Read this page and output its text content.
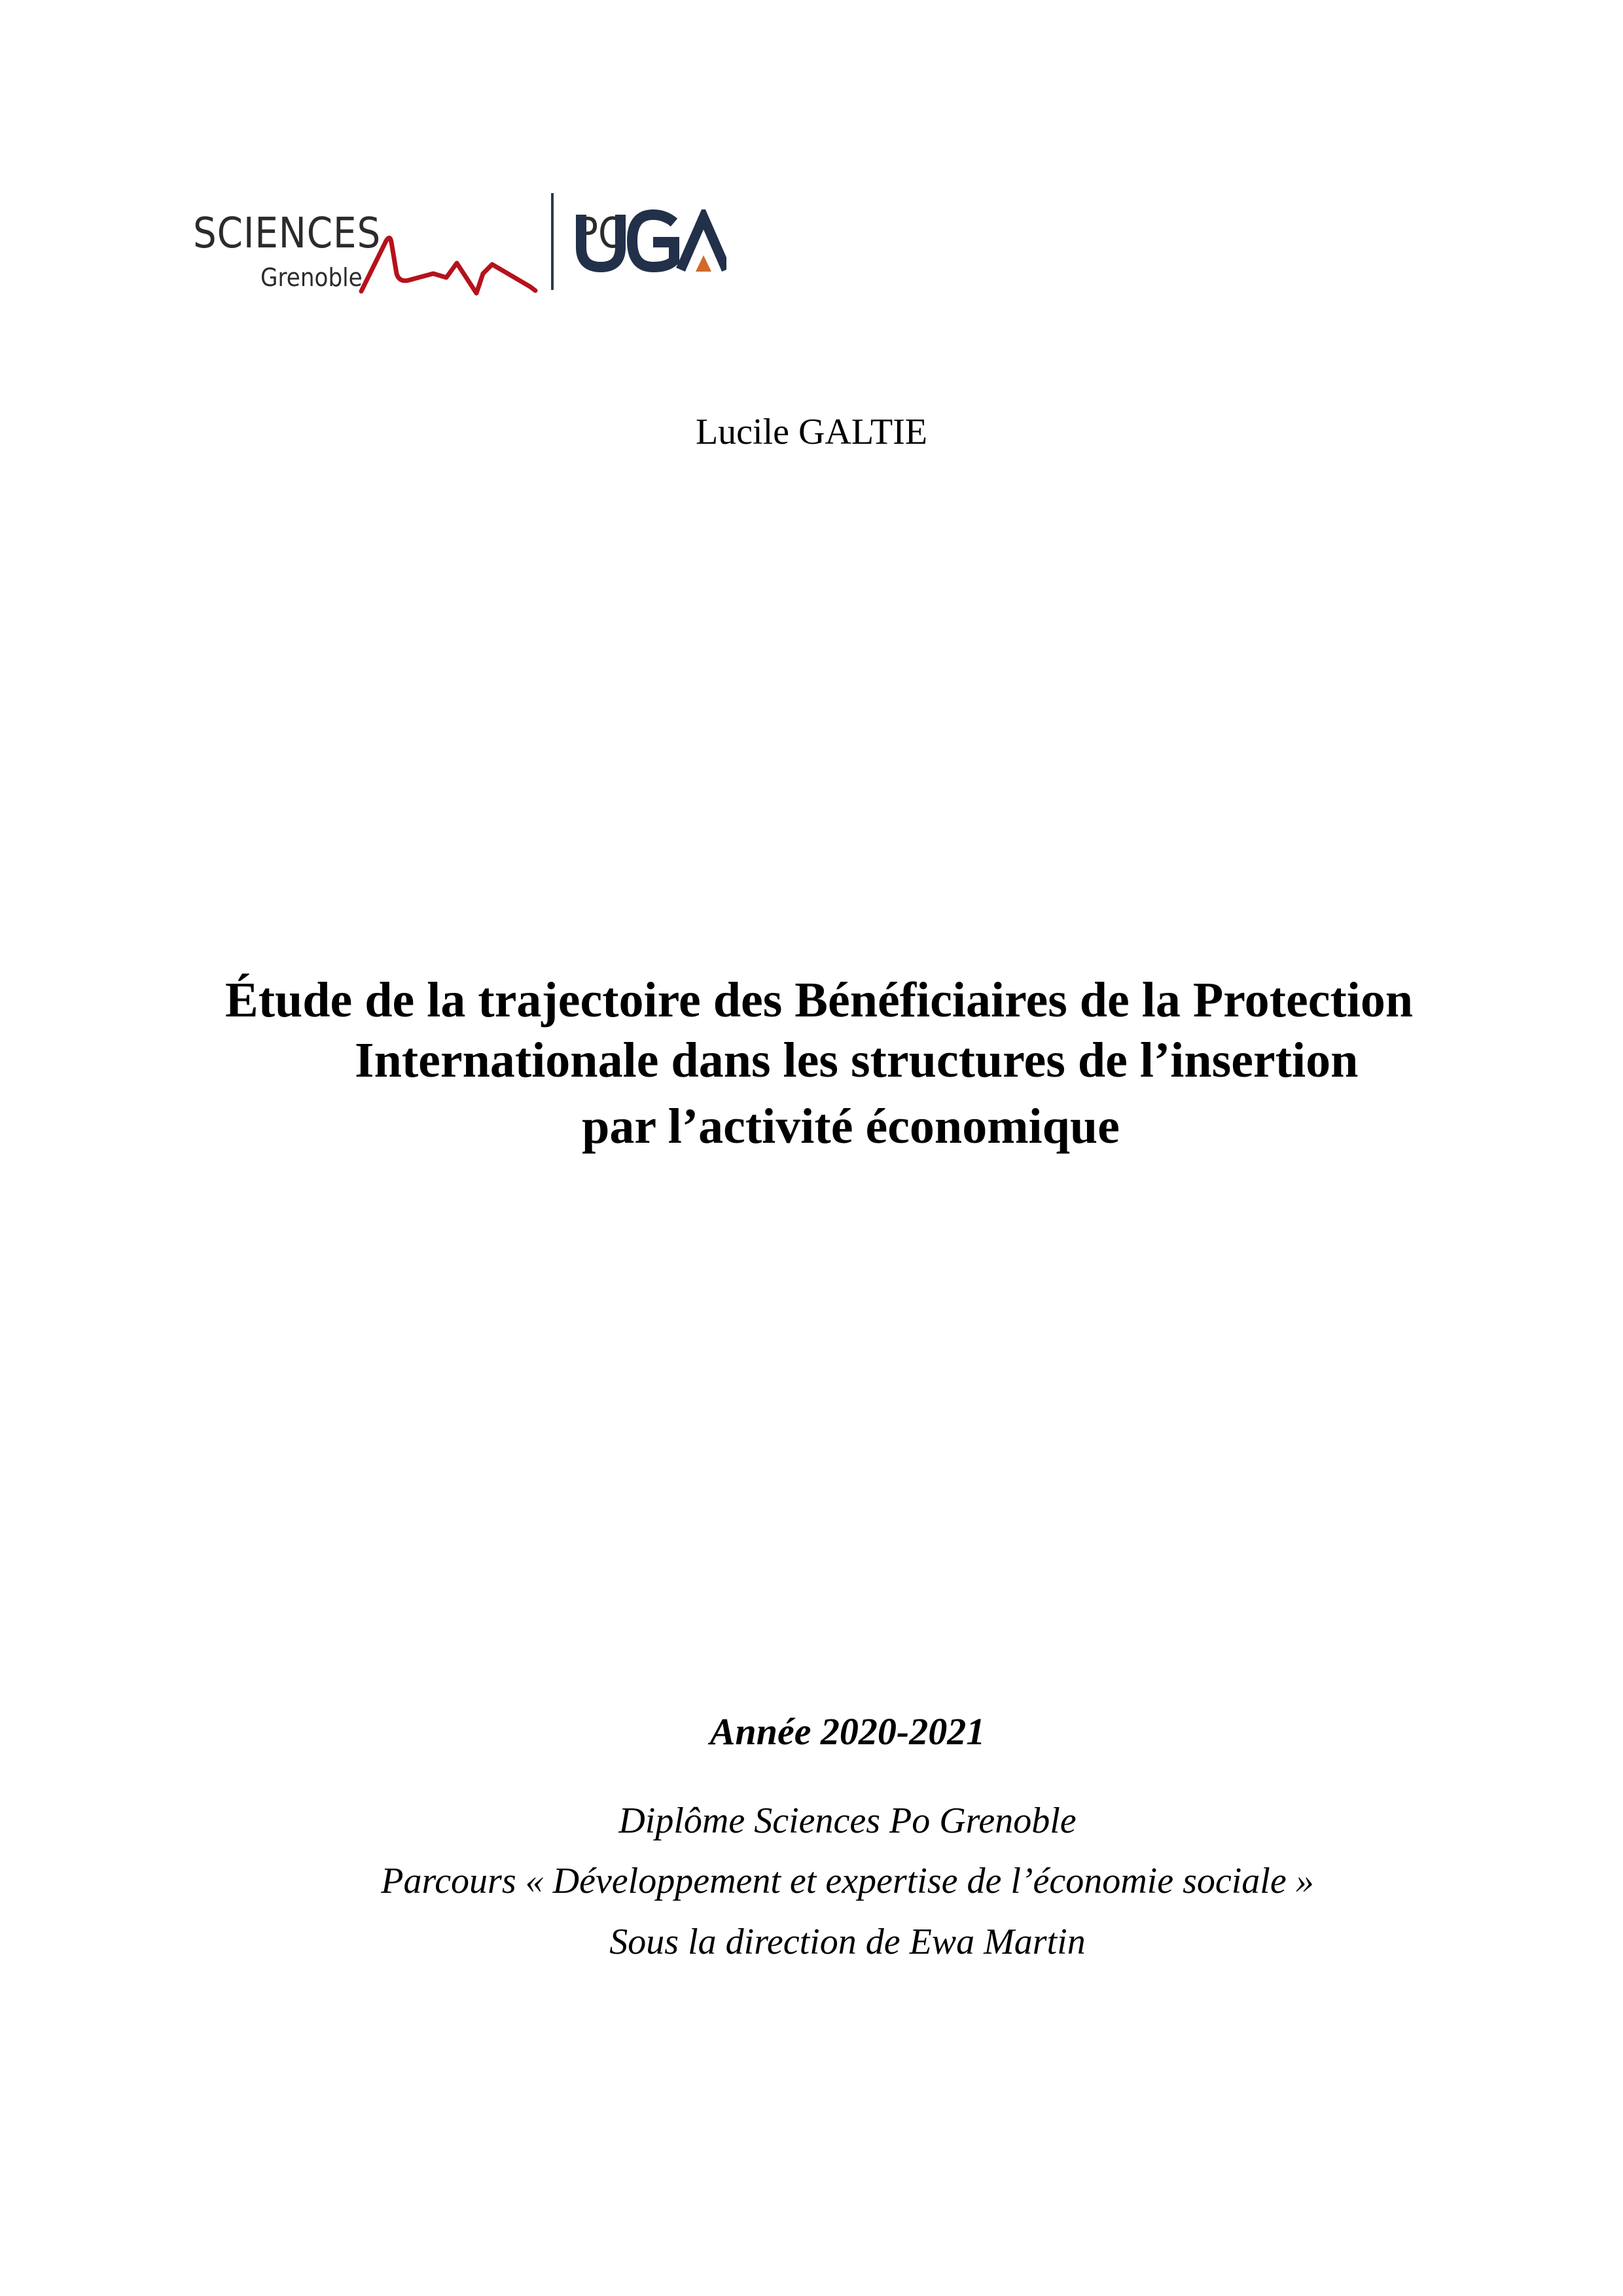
SCIENCES	PO
Grenoble
Lucile GALTIE
Étude de la trajectoire des Bénéficiaires de la Protection
Internationale dans les structures de l’insertion
par l’activité économique
Année 2020-2021
Diplôme Sciences Po Grenoble
Parcours « Développement et expertise de l’économie sociale »
Sous la direction de Ewa Martin
